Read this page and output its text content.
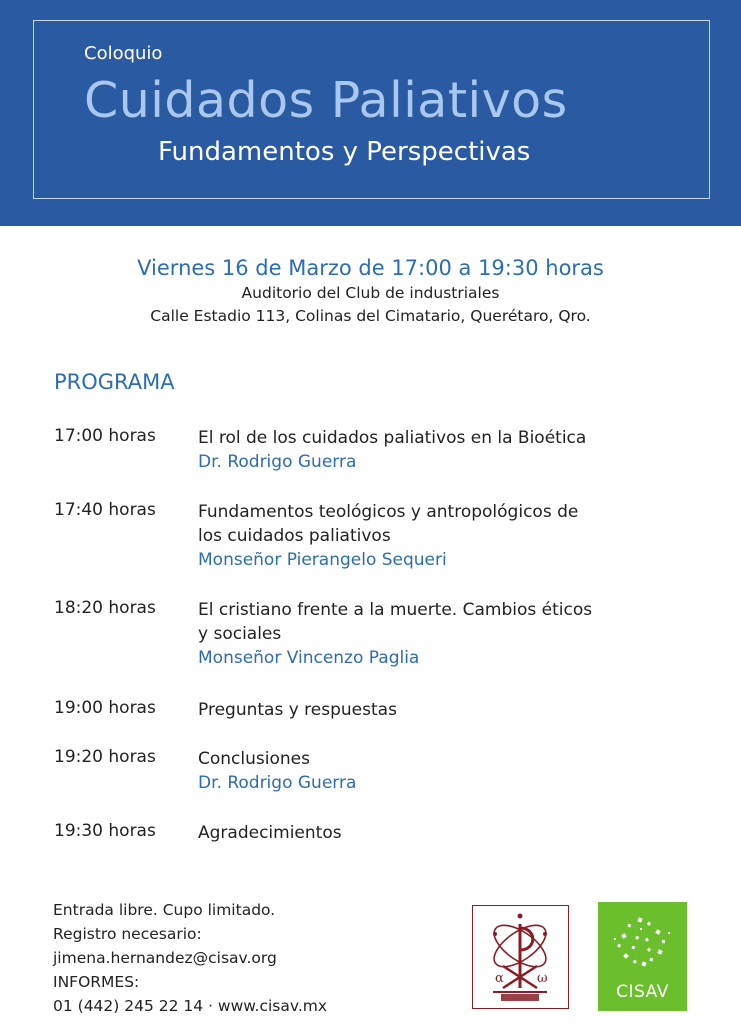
Coloquio
Cuidados Paliativos
Fundamentos y Perspectivas
Viernes 16 de Marzo de 17:00 a 19:30 horas
Auditorio del Club de industriales
Calle Estadio 113, Colinas del Cimatario, Querétaro, Qro.
PROGRAMA
17:00 horas El rol de los cuidados paliativos en la Bioética
Dr. Rodrigo Guerra
17:40 horas Fundamentos teológicos y antropológicos de
los cuidados paliativos
Monseñor Pierangelo Sequeri
18:20 horas El cristiano frente a la muerte. Cambios éticos
y sociales
Monseñor Vincenzo Paglia
19:00 horas Preguntas y respuestas
19:20 horas Conclusiones
Dr. Rodrigo Guerra
19:30 horas Agradecimientos
Entrada libre. Cupo limitado.
Registro necesario:
jimena.hernandez@cisav.org
INFORMES:
01 (442) 245 22 14 · www.cisav.mx
α	ω
CISAV
